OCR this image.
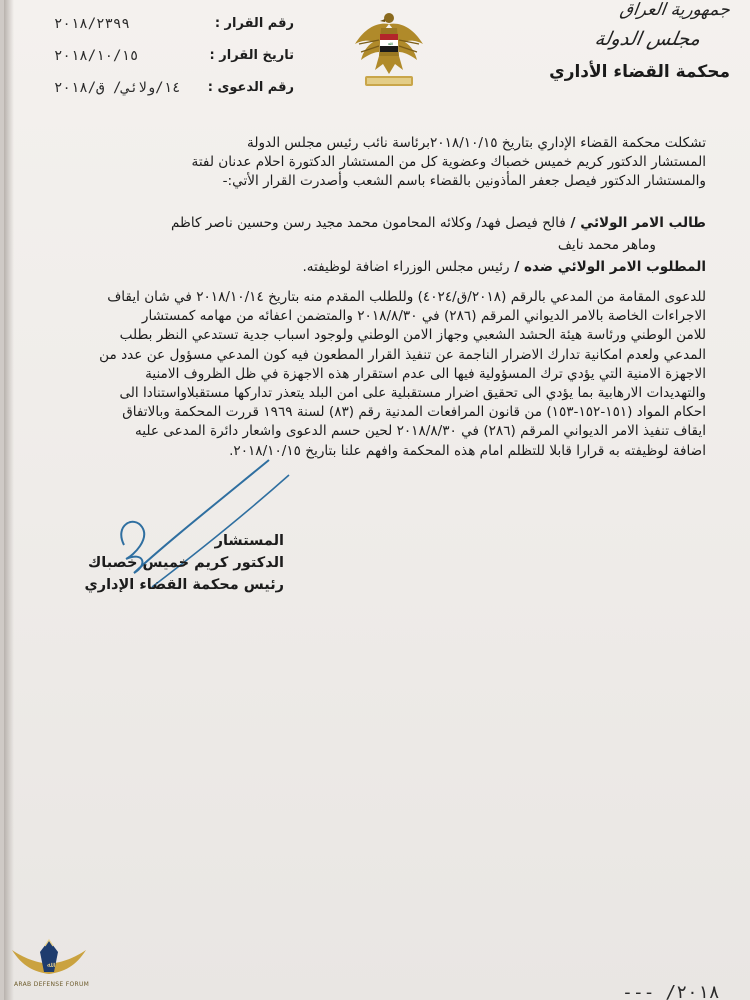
جمهورية العراق
مجلس الدولة
محكمة القضاء الأداري
ﷲ
رقم القرار :
٢٠١٨/٢٣٩٩
تاريخ القرار :
٢٠١٨/١٠/١٥
رقم الدعوى :
١٤/ولائي/ ق/٢٠١٨
تشكلت محكمة القضاء الإداري بتاريخ ٢٠١٨/١٠/١٥برئاسة نائب رئيس مجلس الدولة
المستشار الدكتور كريم خميس خصباك وعضوية كل من المستشار الدكتورة احلام عدنان لفتة
والمستشار الدكتور فيصل جعفر المأذونين بالقضاء باسم الشعب وأصدرت القرار الأتي:-
طالب الامر الولائي / فالح فيصل فهد/ وكلائه المحامون محمد مجيد رسن وحسين ناصر كاظم
وماهر محمد نايف
المطلوب الامر الولائي ضده / رئيس مجلس الوزراء اضافة لوظيفته.
للدعوى المقامة من المدعي بالرقم (٢٠١٨/ق/٤٠٢٤) وللطلب المقدم منه بتاريخ ٢٠١٨/١٠/١٤ في شان ايقاف
الاجراءات الخاصة بالامر الديواني المرقم (٢٨٦) في ٢٠١٨/٨/٣٠ والمتضمن اعفائه من مهامه كمستشار
للامن الوطني ورئاسة هيئة الحشد الشعبي وجهاز الامن الوطني ولوجود اسباب جدية تستدعي النظر بطلب
المدعي ولعدم امكانية تدارك الاضرار الناجمة عن تنفيذ القرار المطعون فيه كون المدعي مسؤول عن عدد من
الاجهزة الامنية التي يؤدي ترك المسؤولية فيها الى عدم استقرار هذه الاجهزة في ظل الظروف الامنية
والتهديدات الارهابية بما يؤدي الى تحقيق اضرار مستقبلية على امن البلد يتعذر تداركها مستقبلاواستنادا الى
احكام المواد (١٥١-١٥٢-١٥٣) من قانون المرافعات المدنية رقم (٨٣) لسنة ١٩٦٩ قررت المحكمة وبالاتفاق
ايقاف تنفيذ الامر الديواني المرقم (٢٨٦) في ٢٠١٨/٨/٣٠ لحين حسم الدعوى واشعار دائرة المدعى عليه
اضافة لوظيفته به قرارا قابلا للتظلم امام هذه المحكمة وافهم علنا بتاريخ ٢٠١٨/١٠/١٥.
المستشار
الدكتور كريم خميس خصباك
رئيس محكمة القضاء الإداري
ﷲ
ARAB DEFENSE FORUM	٢٠١٨/ ---
